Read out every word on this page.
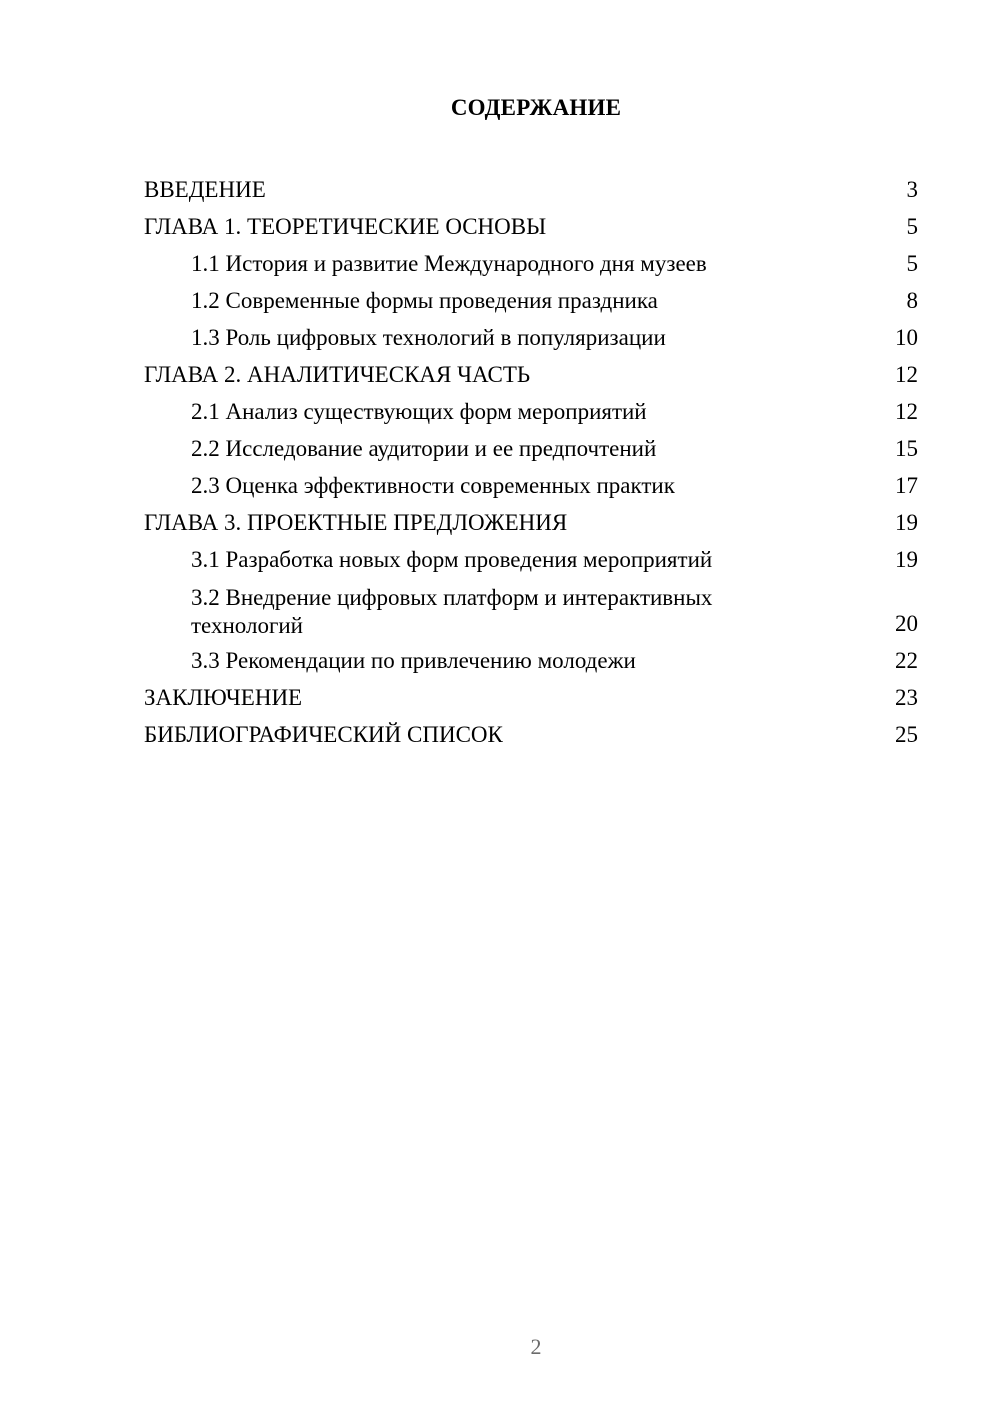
СОДЕРЖАНИЕ
ВВЕДЕНИЕ	3
ГЛАВА 1. ТЕОРЕТИЧЕСКИЕ ОСНОВЫ	5
1.1 История и развитие Международного дня музеев	5
1.2 Современные формы проведения праздника	8
1.3 Роль цифровых технологий в популяризации	10
ГЛАВА 2. АНАЛИТИЧЕСКАЯ ЧАСТЬ	12
2.1 Анализ существующих форм мероприятий	12
2.2 Исследование аудитории и ее предпочтений	15
2.3 Оценка эффективности современных практик	17
ГЛАВА 3. ПРОЕКТНЫЕ ПРЕДЛОЖЕНИЯ	19
3.1 Разработка новых форм проведения мероприятий	19
3.2 Внедрение цифровых платформ и интерактивных технологий	20
3.3 Рекомендации по привлечению молодежи	22
ЗАКЛЮЧЕНИЕ	23
БИБЛИОГРАФИЧЕСКИЙ СПИСОК	25
2
